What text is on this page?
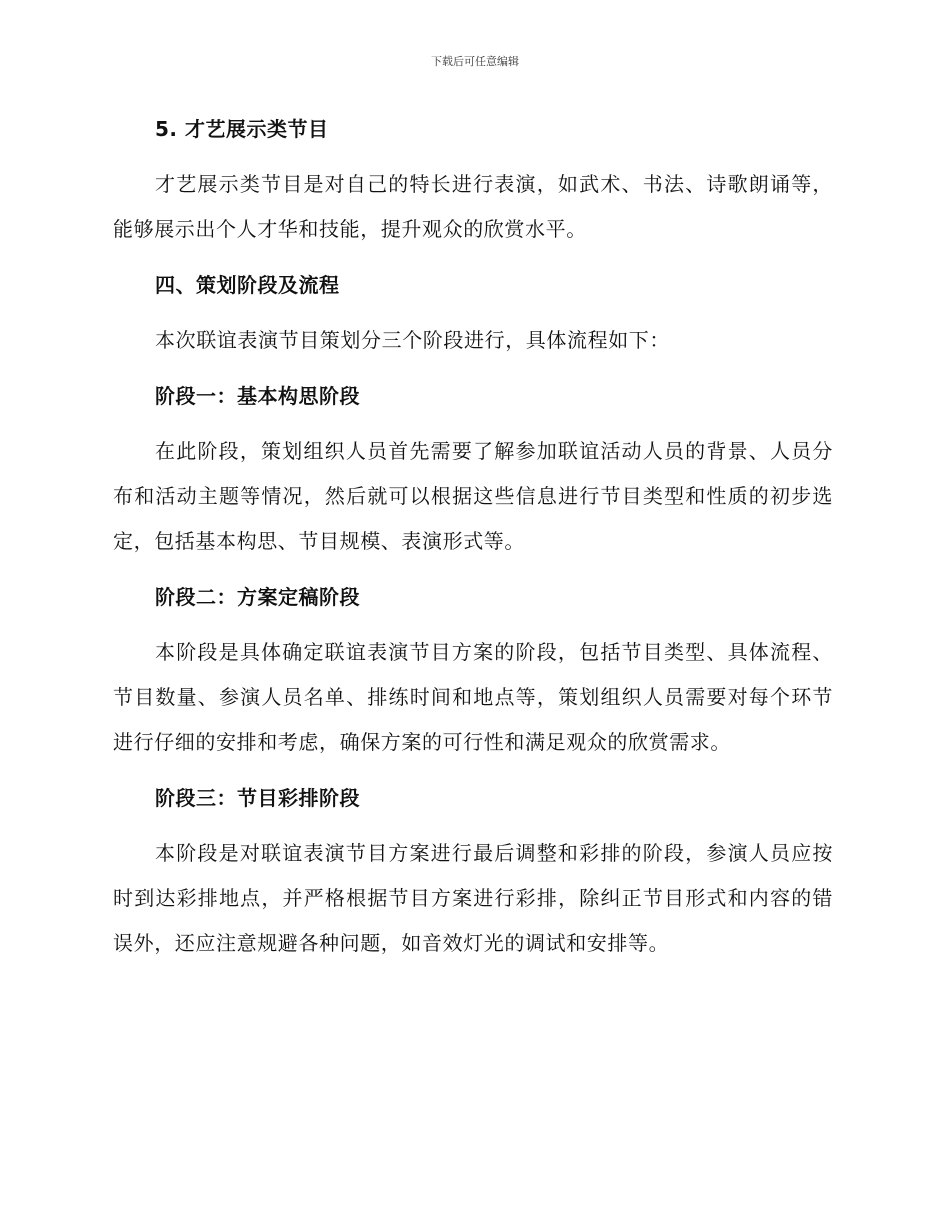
下载后可任意编辑

5. 才艺展示类节目

才艺展示类节目是对自己的特长进行表演，如武术、书法、诗歌朗诵等，能够展示出个人才华和技能，提升观众的欣赏水平。

四、策划阶段及流程

本次联谊表演节目策划分三个阶段进行，具体流程如下：

阶段一：基本构思阶段

在此阶段，策划组织人员首先需要了解参加联谊活动人员的背景、人员分布和活动主题等情况，然后就可以根据这些信息进行节目类型和性质的初步选定，包括基本构思、节目规模、表演形式等。

阶段二：方案定稿阶段

本阶段是具体确定联谊表演节目方案的阶段，包括节目类型、具体流程、节目数量、参演人员名单、排练时间和地点等，策划组织人员需要对每个环节进行仔细的安排和考虑，确保方案的可行性和满足观众的欣赏需求。

阶段三：节目彩排阶段

本阶段是对联谊表演节目方案进行最后调整和彩排的阶段，参演人员应按时到达彩排地点，并严格根据节目方案进行彩排，除纠正节目形式和内容的错误外，还应注意规避各种问题，如音效灯光的调试和安排等。
